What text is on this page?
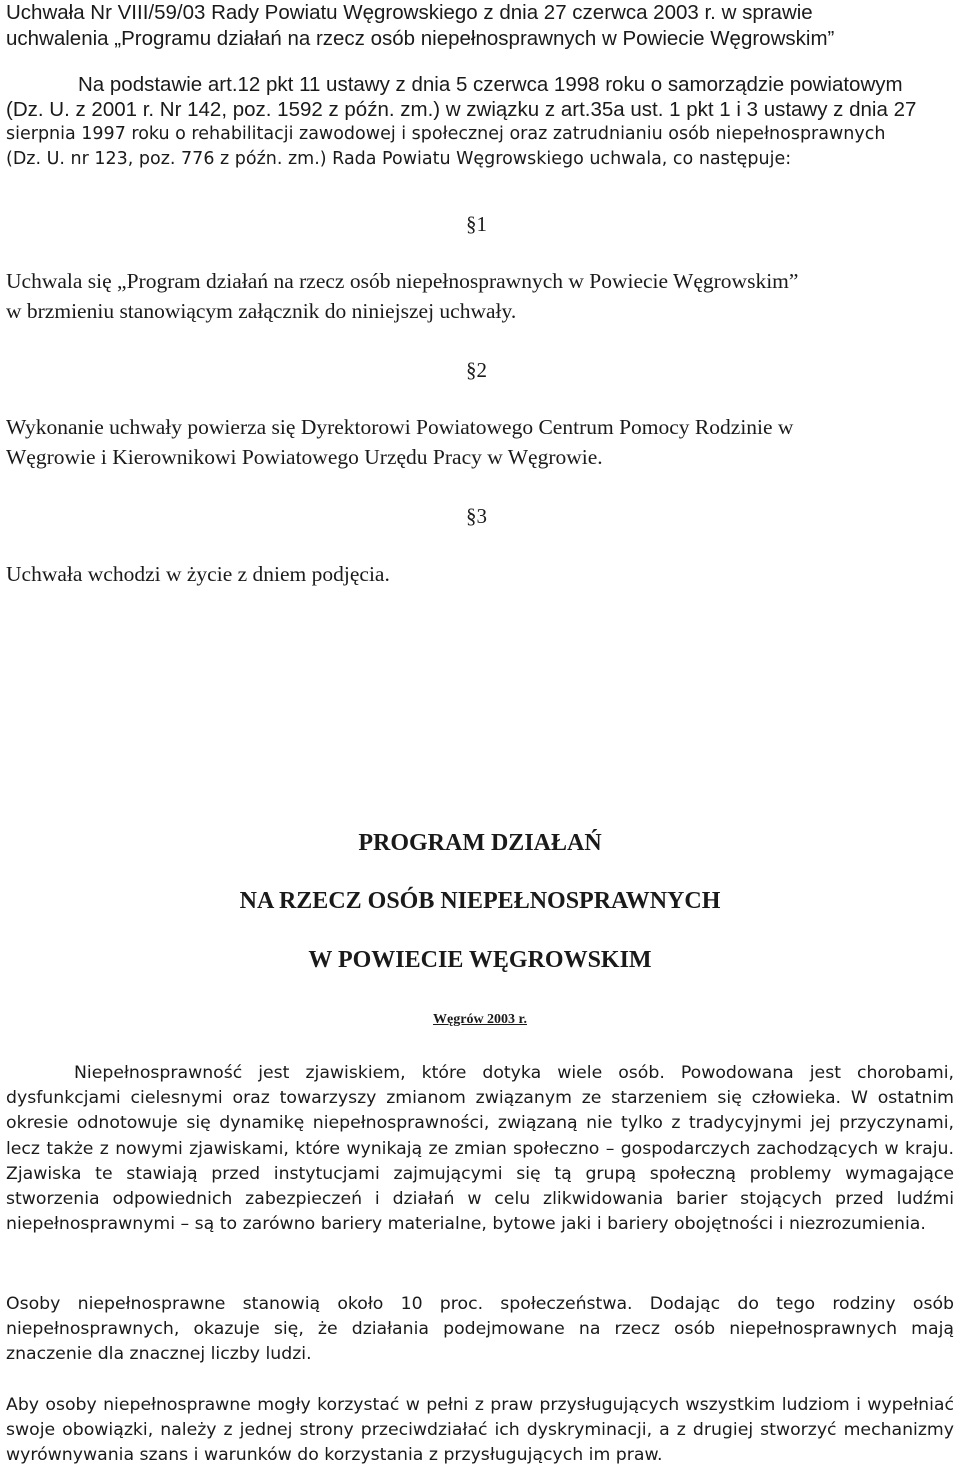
Uchwała Nr VIII/59/03 Rady Powiatu Węgrowskiego z dnia 27 czerwca 2003 r. w sprawie
uchwalenia „Programu działań na rzecz osób niepełnosprawnych w Powiecie Węgrowskim”
Na podstawie art.12 pkt 11 ustawy z dnia 5 czerwca 1998 roku o samorządzie powiatowym
(Dz. U. z 2001 r. Nr 142, poz. 1592 z późn. zm.) w związku z art.35a ust. 1 pkt 1 i 3 ustawy z dnia 27
sierpnia 1997 roku o rehabilitacji zawodowej i społecznej oraz zatrudnianiu osób niepełnosprawnych
(Dz. U. nr 123, poz. 776 z późn. zm.) Rada Powiatu Węgrowskiego uchwala, co następuje:
§1
Uchwala się „Program działań na rzecz osób niepełnosprawnych w Powiecie Węgrowskim”
w brzmieniu stanowiącym załącznik do niniejszej uchwały.
§2
Wykonanie uchwały powierza się Dyrektorowi Powiatowego Centrum Pomocy Rodzinie w
Węgrowie i Kierownikowi Powiatowego Urzędu Pracy w Węgrowie.
§3
Uchwała wchodzi w życie z dniem podjęcia.
PROGRAM DZIAŁAŃ
NA RZECZ OSÓB NIEPEŁNOSPRAWNYCH
W POWIECIE WĘGROWSKIM
Węgrów 2003 r.

Niepełnosprawność jest zjawiskiem, które dotyka wiele osób. Powodowana jest chorobami, dysfunkcjami cielesnymi oraz towarzyszy zmianom związanym ze starzeniem się człowieka. W ostatnim okresie odnotowuje się dynamikę niepełnosprawności, związaną nie tylko z tradycyjnymi jej przyczynami, lecz także z nowymi zjawiskami, które wynikają ze zmian społeczno – gospodarczych zachodzących w kraju. Zjawiska te stawiają przed instytucjami zajmującymi się tą grupą społeczną problemy wymagające stworzenia odpowiednich zabezpieczeń i działań w celu zlikwidowania barier stojących przed ludźmi niepełnosprawnymi – są to zarówno bariery materialne, bytowe jaki i bariery obojętności i niezrozumienia.

Osoby niepełnosprawne stanowią około 10 proc. społeczeństwa. Dodając do tego rodziny osób niepełnosprawnych, okazuje się, że działania podejmowane na rzecz osób niepełnosprawnych mają znaczenie dla znacznej liczby ludzi.

Aby osoby niepełnosprawne mogły korzystać w pełni z praw przysługujących wszystkim ludziom i wypełniać swoje obowiązki, należy z jednej strony przeciwdziałać ich dyskryminacji, a z drugiej stworzyć mechanizmy wyrównywania szans i warunków do korzystania z przysługujących im praw.
